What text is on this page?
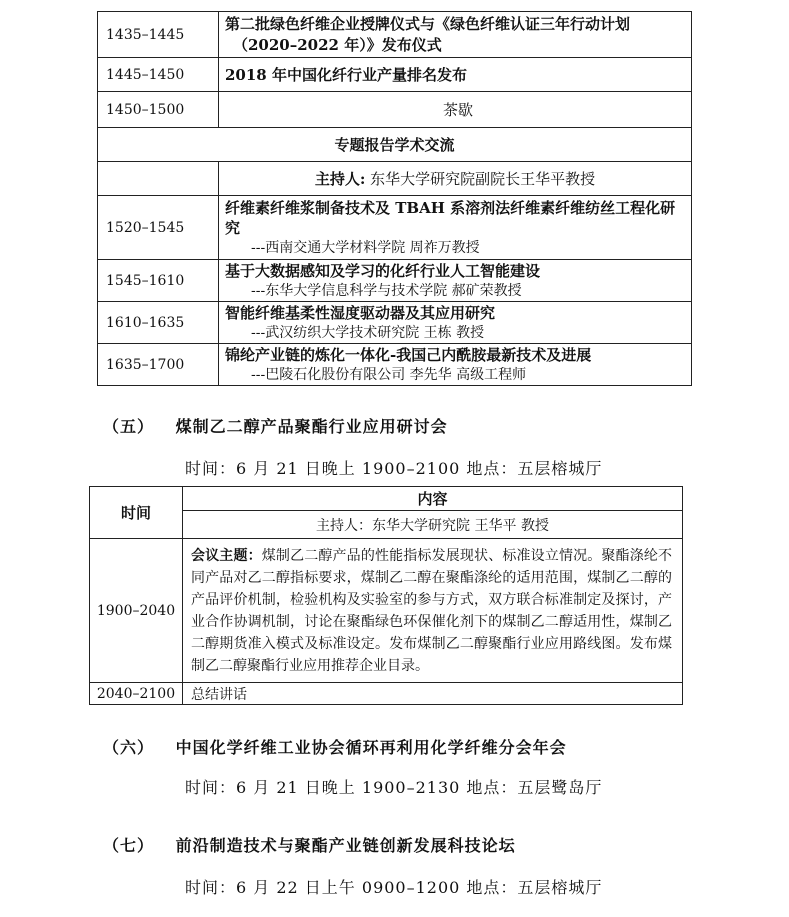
1435–1445	第二批绿色纤维企业授牌仪式与《绿色纤维认证三年行动计划
（2020–2022 年）》发布仪式

1445–1450	2018 年中国化纤行业产量排名发布
1450–1500	茶歇
专题报告学术交流	
	主持人: 东华大学研究院副院长王华平教授
1520–1545	纤维素纤维浆制备技术及 TBAH 系溶剂法纤维素纤维纺丝工程化研究
---西南交通大学材料学院 周祚万教授

1545–1610	基于大数据感知及学习的化纤行业人工智能建设
---东华大学信息科学与技术学院 郝矿荣教授

1610–1635	智能纤维基柔性湿度驱动器及其应用研究
---武汉纺织大学技术研究院 王栋 教授

1635–1700	锦纶产业链的炼化一体化-我国己内酰胺最新技术及进展
---巴陵石化股份有限公司 李先华 高级工程师
（五） 煤制乙二醇产品聚酯行业应用研讨会
时间：6 月 21 日晚上 1900–2100 地点：五层榕城厅
时间	内容
	主持人：东华大学研究院 王华平 教授
1900–2040	会议主题：煤制乙二醇产品的性能指标发展现状、标准设立情况。聚酯涤纶不同产品对乙二醇指标要求，煤制乙二醇在聚酯涤纶的适用范围，煤制乙二醇的产品评价机制，检验机构及实验室的参与方式，双方联合标准制定及探讨，产业合作协调机制，讨论在聚酯绿色环保催化剂下的煤制乙二醇适用性，煤制乙二醇期货准入模式及标准设定。发布煤制乙二醇聚酯行业应用路线图。发布煤制乙二醇聚酯行业应用推荐企业目录。

2040–2100	总结讲话
（六） 中国化学纤维工业协会循环再利用化学纤维分会年会
时间：6 月 21 日晚上 1900–2130 地点：五层鹭岛厅
（七） 前沿制造技术与聚酯产业链创新发展科技论坛
时间：6 月 22 日上午 0900–1200 地点：五层榕城厅
